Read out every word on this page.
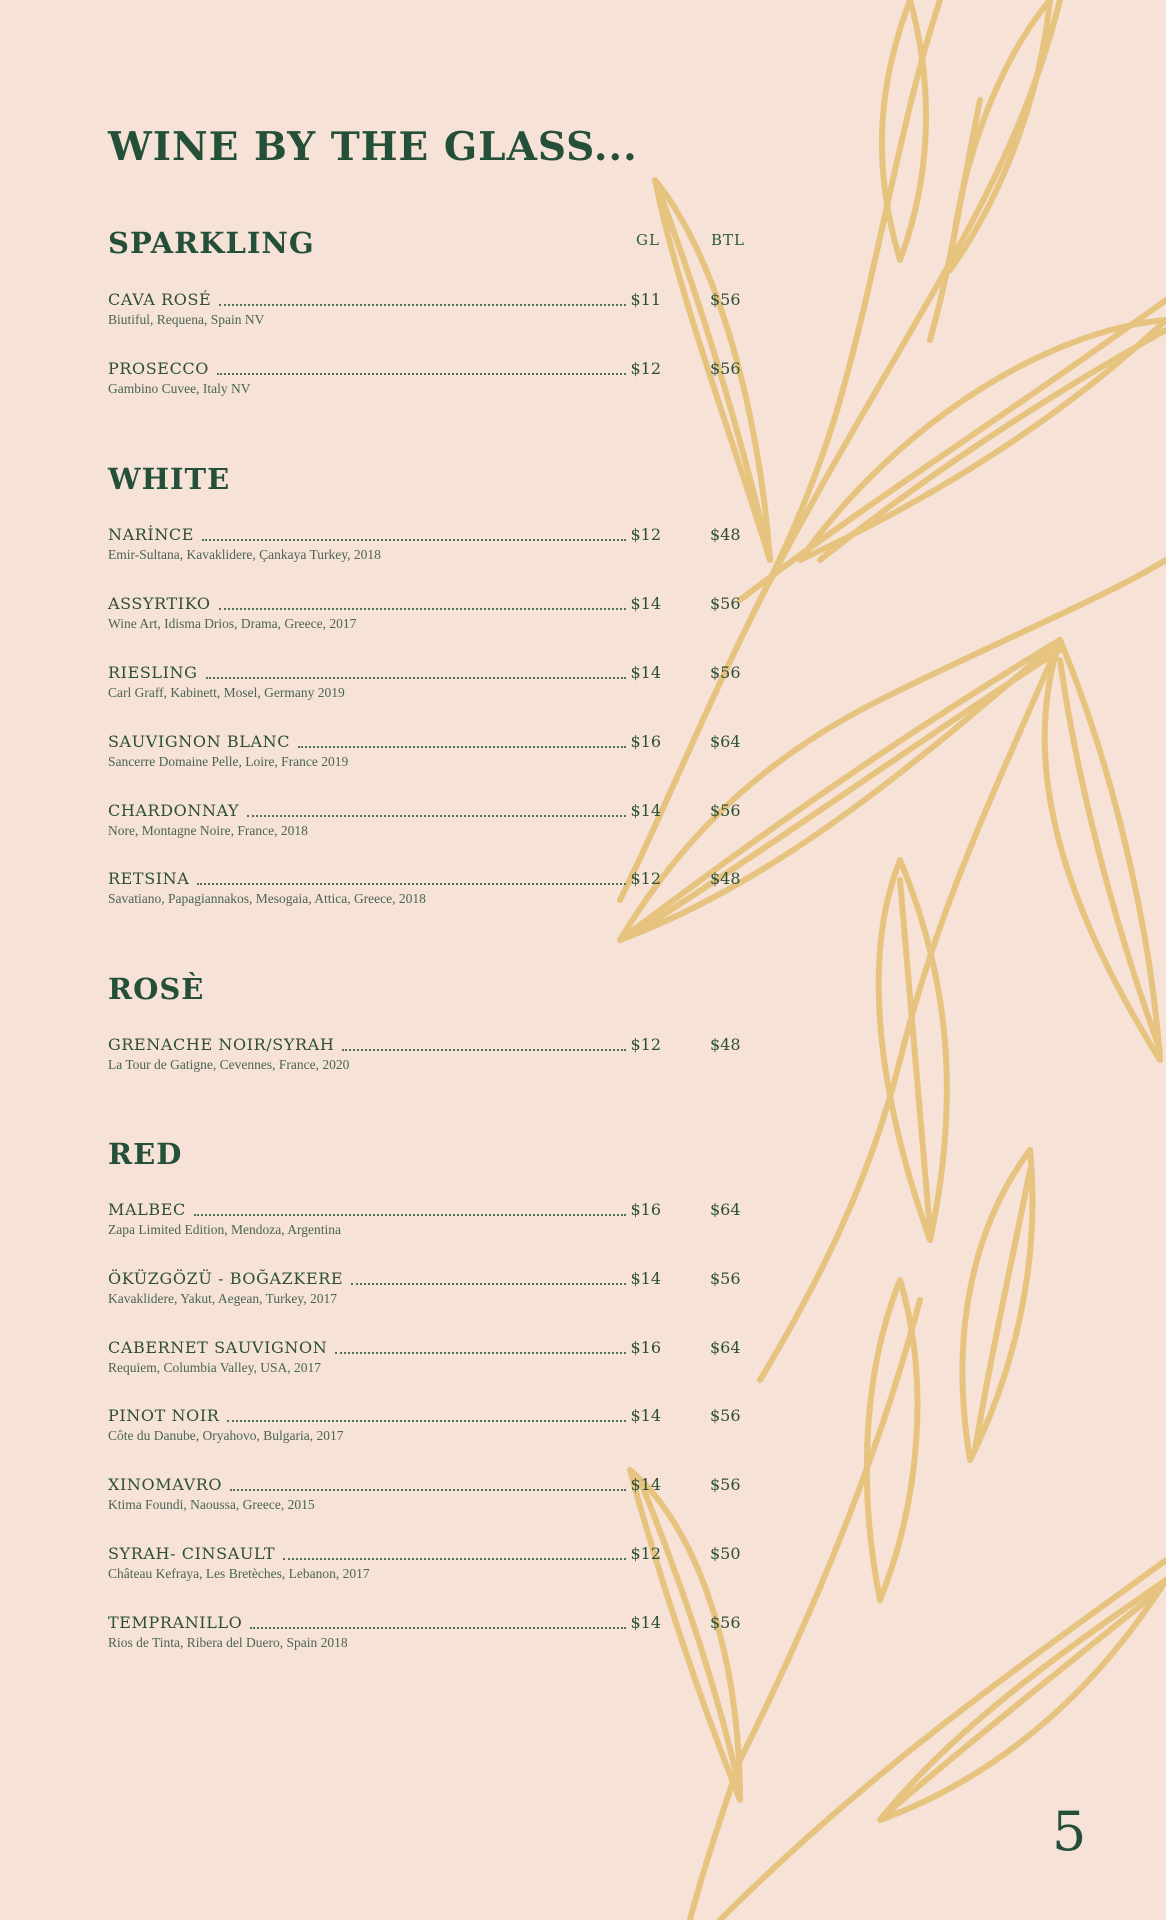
WINE BY THE GLASS...
SPARKLING	GL	BTL
CAVA ROSÉ	$11	$56
Biutiful, Requena, Spain NV
PROSECCO	$12	$56
Gambino Cuvee, Italy NV
WHITE
NARİNCE	$12	$48
Emir-Sultana, Kavaklidere, Çankaya Turkey, 2018
ASSYRTIKO	$14	$56
Wine Art, Idisma Drios, Drama, Greece, 2017
RIESLING	$14	$56
Carl Graff, Kabinett, Mosel, Germany 2019
SAUVIGNON BLANC	$16	$64
Sancerre Domaine Pelle, Loire, France 2019
CHARDONNAY	$14	$56
Nore, Montagne Noire, France, 2018
RETSINA	$12	$48
Savatiano, Papagiannakos, Mesogaia, Attica, Greece, 2018
ROSÈ
GRENACHE NOIR/SYRAH	$12	$48
La Tour de Gatigne, Cevennes, France, 2020
RED
MALBEC	$16	$64
Zapa Limited Edition, Mendoza, Argentina
ÖKÜZGÖZÜ - BOĞAZKERE	$14	$56
Kavaklidere, Yakut, Aegean, Turkey, 2017
CABERNET SAUVIGNON	$16	$64
Requiem, Columbia Valley, USA, 2017
PINOT NOIR	$14	$56
Côte du Danube, Oryahovo, Bulgaria, 2017
XINOMAVRO	$14	$56
Ktima Foundi, Naoussa, Greece, 2015
SYRAH- CINSAULT	$12	$50
Château Kefraya, Les Bretèches, Lebanon, 2017
TEMPRANILLO	$14	$56
Rios de Tinta, Ribera del Duero, Spain 2018
5
